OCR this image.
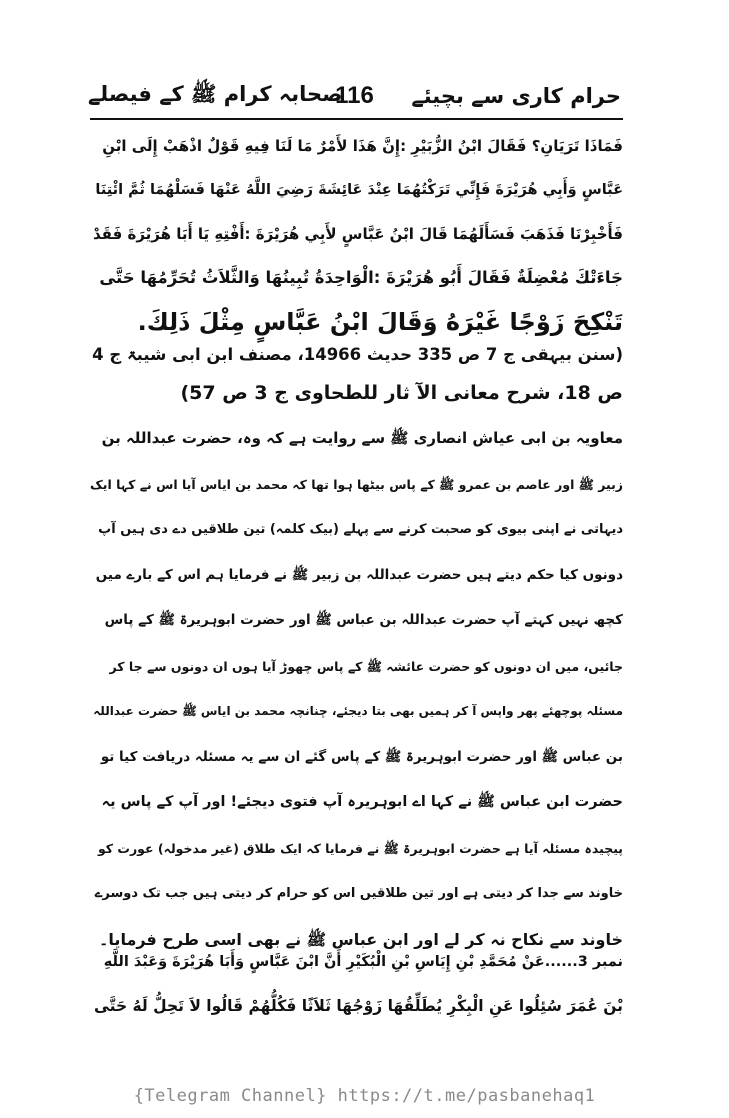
صحابہ کرام ﷺ کے فیصلے
116 حرام کاری سے بچیئے
فَمَاذَا تَرَيَانِ؟ فَقَالَ ابْنُ الزُّبَيْرِ :إِنَّ هَذَا لأَمْرٌ مَا لَنَا فِيهِ قَوْلٌ اذْهَبْ إِلَى ابْنِ
عَبَّاسٍ وَأَبِي هُرَيْرَةَ فَإِنِّي تَرَكْتُهُمَا عِنْدَ عَائِشَةَ رَضِيَ اللَّهُ عَنْهَا فَسَلْهُمَا ثُمَّ ائْتِنَا
فَأَخْبِرْنَا فَذَهَبَ فَسَأَلَهُمَا قَالَ ابْنُ عَبَّاسٍ لأَبِي هُرَيْرَةَ :أَفْتِهِ يَا أَبَا هُرَيْرَةَ فَقَدْ
جَاءَتْكَ مُعْضِلَةٌ فَقَالَ أَبُو هُرَيْرَةَ :الْوَاحِدَةُ تُبِينُهَا وَالثَّلاَثُ تُحَرِّمُهَا حَتَّى
تَنْكِحَ زَوْجًا غَيْرَهُ وَقَالَ ابْنُ عَبَّاسٍ مِثْلَ ذَلِكَ.
(سنن بیہقی ج 7 ص 335 حدیث 14966، مصنف ابن ابی شیبۃ ج 4
ص 18، شرح معانی الآ ثار للطحاوی ج 3 ص 57)
معاویہ بن ابی عیاش انصاری ﷺ سے روایت ہے کہ وہ، حضرت عبداللہ بن
زبیر ﷺ اور عاصم بن عمرو ﷺ کے پاس بیٹھا ہوا تھا کہ محمد بن ایاس آیا اس نے کہا ایک
دیہاتی نے اپنی بیوی کو صحبت کرنے سے پہلے (بیک کلمہ) تین طلاقیں دے دی ہیں آپ
دونوں کیا حکم دیتے ہیں حضرت عبداللہ بن زبیر ﷺ نے فرمایا ہم اس کے بارے میں
کچھ نہیں کہتے آپ حضرت عبداللہ بن عباس ﷺ اور حضرت ابوہریرۃ ﷺ کے پاس
جائیں، میں ان دونوں کو حضرت عائشہ ﷺ کے پاس چھوڑ آیا ہوں ان دونوں سے جا کر
مسئلہ پوچھئے پھر واپس آ کر ہمیں بھی بتا دیجئے، چنانچہ محمد بن ایاس ﷺ حضرت عبداللہ
بن عباس ﷺ اور حضرت ابوہریرۃ ﷺ کے پاس گئے ان سے یہ مسئلہ دریافت کیا تو
حضرت ابن عباس ﷺ نے کہا اے ابوہریرہ آپ فتوی دیجئے! اور آپ کے پاس یہ
پیچیدہ مسئلہ آیا ہے حضرت ابوہریرۃ ﷺ نے فرمایا کہ ایک طلاق (غیر مدخولہ) عورت کو
خاوند سے جدا کر دیتی ہے اور تین طلاقیں اس کو حرام کر دیتی ہیں جب تک دوسرے
خاوند سے نکاح نہ کر لے اور ابن عباس ﷺ نے بھی اسی طرح فرمایا۔
نمبر 3......عَنْ مُحَمَّدِ بْنِ إِيَاسِ بْنِ الْبُكَيْرِ أَنَّ ابْنَ عَبَّاسٍ وَأَبَا هُرَيْرَةَ وَعَبْدَ اللَّهِ
بْنَ عُمَرَ سُئِلُوا عَنِ الْبِكْرِ يُطَلِّقُهَا زَوْجُهَا ثَلاَثًا فَكُلُّهُمْ قَالُوا لاَ تَحِلُّ لَهُ حَتَّى
{Telegram Channel} https://t.me/pasbanehaq1
